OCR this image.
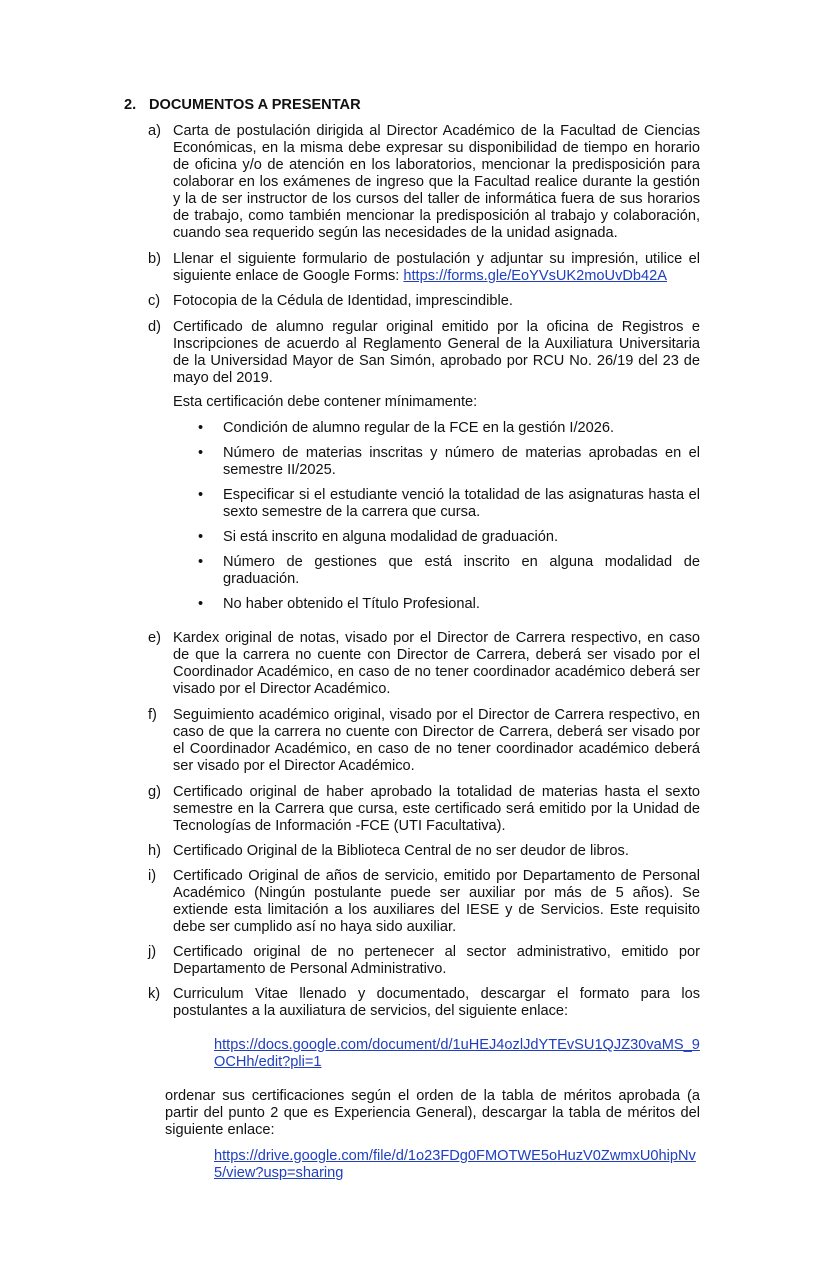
2. DOCUMENTOS A PRESENTAR
a) Carta de postulación dirigida al Director Académico de la Facultad de Ciencias Económicas, en la misma debe expresar su disponibilidad de tiempo en horario de oficina y/o de atención en los laboratorios, mencionar la predisposición para colaborar en los exámenes de ingreso que la Facultad realice durante la gestión y la de ser instructor de los cursos del taller de informática fuera de sus horarios de trabajo, como también mencionar la predisposición al trabajo y colaboración, cuando sea requerido según las necesidades de la unidad asignada.
b) Llenar el siguiente formulario de postulación y adjuntar su impresión, utilice el siguiente enlace de Google Forms: https://forms.gle/EoYVsUK2moUvDb42A
c) Fotocopia de la Cédula de Identidad, imprescindible.
d) Certificado de alumno regular original emitido por la oficina de Registros e Inscripciones de acuerdo al Reglamento General de la Auxiliatura Universitaria de la Universidad Mayor de San Simón, aprobado por RCU No. 26/19 del 23 de mayo del 2019.
Esta certificación debe contener mínimamente:
• Condición de alumno regular de la FCE en la gestión I/2026.
• Número de materias inscritas y número de materias aprobadas en el semestre II/2025.
• Especificar si el estudiante venció la totalidad de las asignaturas hasta el sexto semestre de la carrera que cursa.
• Si está inscrito en alguna modalidad de graduación.
• Número de gestiones que está inscrito en alguna modalidad de graduación.
• No haber obtenido el Título Profesional.
e) Kardex original de notas, visado por el Director de Carrera respectivo, en caso de que la carrera no cuente con Director de Carrera, deberá ser visado por el Coordinador Académico, en caso de no tener coordinador académico deberá ser visado por el Director Académico.
f) Seguimiento académico original, visado por el Director de Carrera respectivo, en caso de que la carrera no cuente con Director de Carrera, deberá ser visado por el Coordinador Académico, en caso de no tener coordinador académico deberá ser visado por el Director Académico.
g) Certificado original de haber aprobado la totalidad de materias hasta el sexto semestre en la Carrera que cursa, este certificado será emitido por la Unidad de Tecnologías de Información -FCE (UTI Facultativa).
h) Certificado Original de la Biblioteca Central de no ser deudor de libros.
i) Certificado Original de años de servicio, emitido por Departamento de Personal Académico (Ningún postulante puede ser auxiliar por más de 5 años). Se extiende esta limitación a los auxiliares del IESE y de Servicios. Este requisito debe ser cumplido así no haya sido auxiliar.
j) Certificado original de no pertenecer al sector administrativo, emitido por Departamento de Personal Administrativo.
k) Curriculum Vitae llenado y documentado, descargar el formato para los postulantes a la auxiliatura de servicios, del siguiente enlace:
https://docs.google.com/document/d/1uHEJ4ozlJdYTEvSU1QJZ30vaMS_9OCHh/edit?pli=1
ordenar sus certificaciones según el orden de la tabla de méritos aprobada (a partir del punto 2 que es Experiencia General), descargar la tabla de méritos del siguiente enlace:
https://drive.google.com/file/d/1o23FDg0FMOTWE5oHuzV0ZwmxU0hipNv5/view?usp=sharing
